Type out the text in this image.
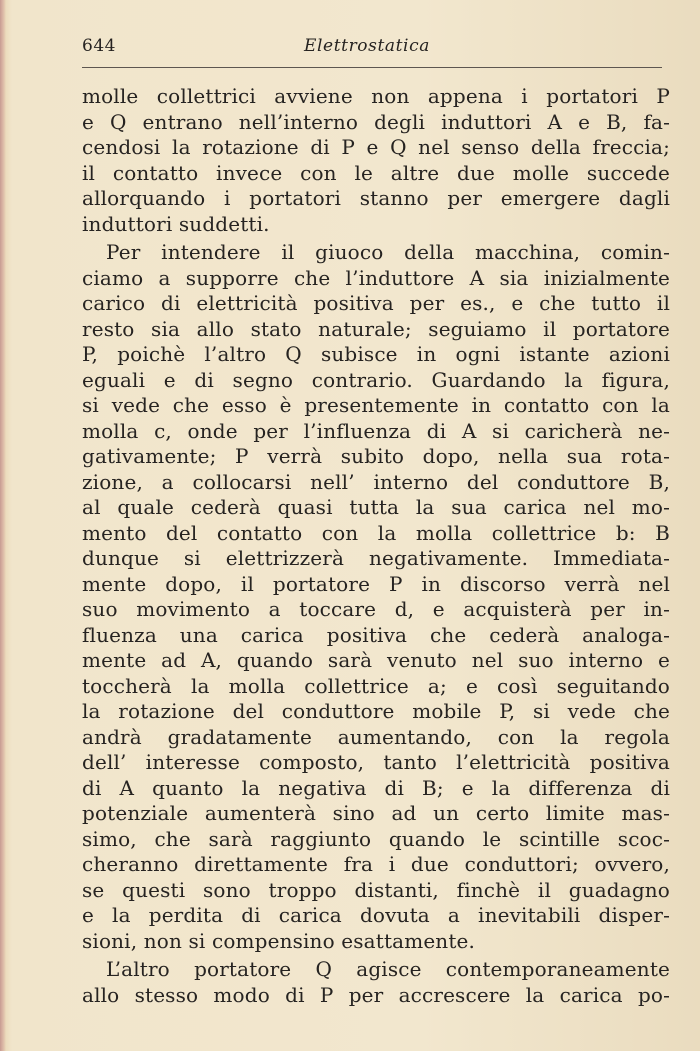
644	Elettrostatica
molle collettrici avviene non appena i portatori P
e Q entrano nell’interno degli induttori A e B, fa-
cendosi la rotazione di P e Q nel senso della freccia;
il contatto invece con le altre due molle succede
allorquando i portatori stanno per emergere dagli
induttori suddetti.
Per intendere il giuoco della macchina, comin-
ciamo a supporre che l’induttore A sia inizialmente
carico di elettricità positiva per es., e che tutto il
resto sia allo stato naturale; seguiamo il portatore
P, poichè l’altro Q subisce in ogni istante azioni
eguali e di segno contrario. Guardando la figura,
si vede che esso è presentemente in contatto con la
molla c, onde per l’influenza di A si caricherà ne-
gativamente; P verrà subito dopo, nella sua rota-
zione, a collocarsi nell’ interno del conduttore B,
al quale cederà quasi tutta la sua carica nel mo-
mento del contatto con la molla collettrice b: B
dunque si elettrizzerà negativamente. Immediata-
mente dopo, il portatore P in discorso verrà nel
suo movimento a toccare d, e acquisterà per in-
fluenza una carica positiva che cederà analoga-
mente ad A, quando sarà venuto nel suo interno e
toccherà la molla collettrice a; e così seguitando
la rotazione del conduttore mobile P, si vede che
andrà gradatamente aumentando, con la regola
dell’ interesse composto, tanto l’elettricità positiva
di A quanto la negativa di B; e la differenza di
potenziale aumenterà sino ad un certo limite mas-
simo, che sarà raggiunto quando le scintille scoc-
cheranno direttamente fra i due conduttori; ovvero,
se questi sono troppo distanti, finchè il guadagno
e la perdita di carica dovuta a inevitabili disper-
sioni, non si compensino esattamente.
L’altro portatore Q agisce contemporaneamente
allo stesso modo di P per accrescere la carica po-
